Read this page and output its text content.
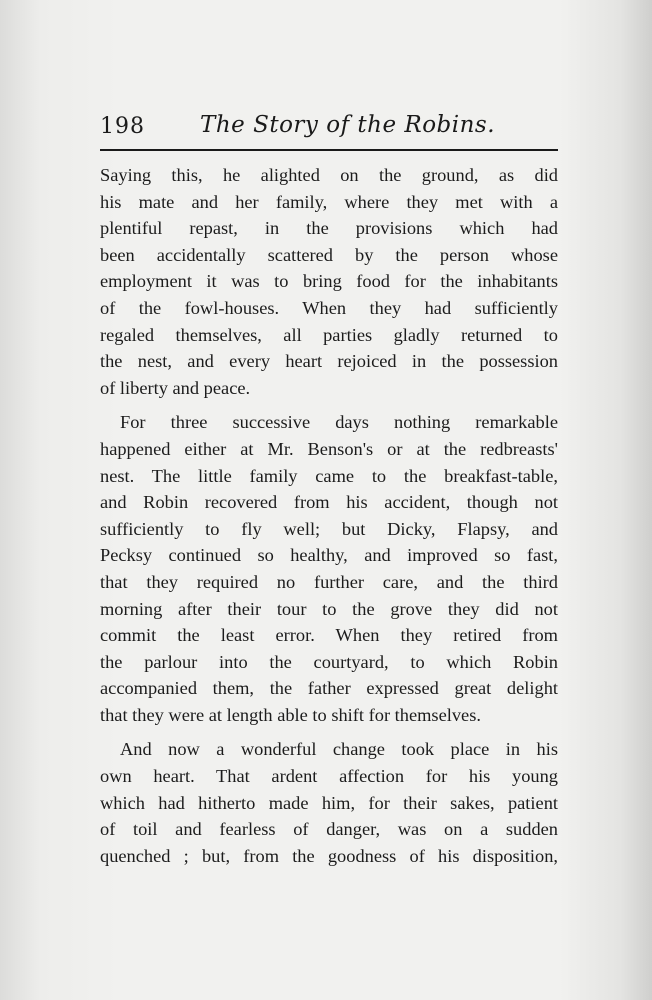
198 The Story of the Robins.

Saying this, he alighted on the ground, as did
his mate and her family, where they met with a
plentiful repast, in the provisions which had
been accidentally scattered by the person whose
employment it was to bring food for the inhabitants
of the fowl-houses. When they had sufficiently
regaled themselves, all parties gladly returned to
the nest, and every heart rejoiced in the possession
of liberty and peace.

For three successive days nothing remarkable
happened either at Mr. Benson's or at the redbreasts'
nest. The little family came to the breakfast-table,
and Robin recovered from his accident, though not
sufficiently to fly well; but Dicky, Flapsy, and
Pecksy continued so healthy, and improved so fast,
that they required no further care, and the third
morning after their tour to the grove they did not
commit the least error. When they retired from
the parlour into the courtyard, to which Robin
accompanied them, the father expressed great delight
that they were at length able to shift for themselves.

And now a wonderful change took place in his
own heart. That ardent affection for his young
which had hitherto made him, for their sakes, patient
of toil and fearless of danger, was on a sudden
quenched ; but, from the goodness of his disposition,
